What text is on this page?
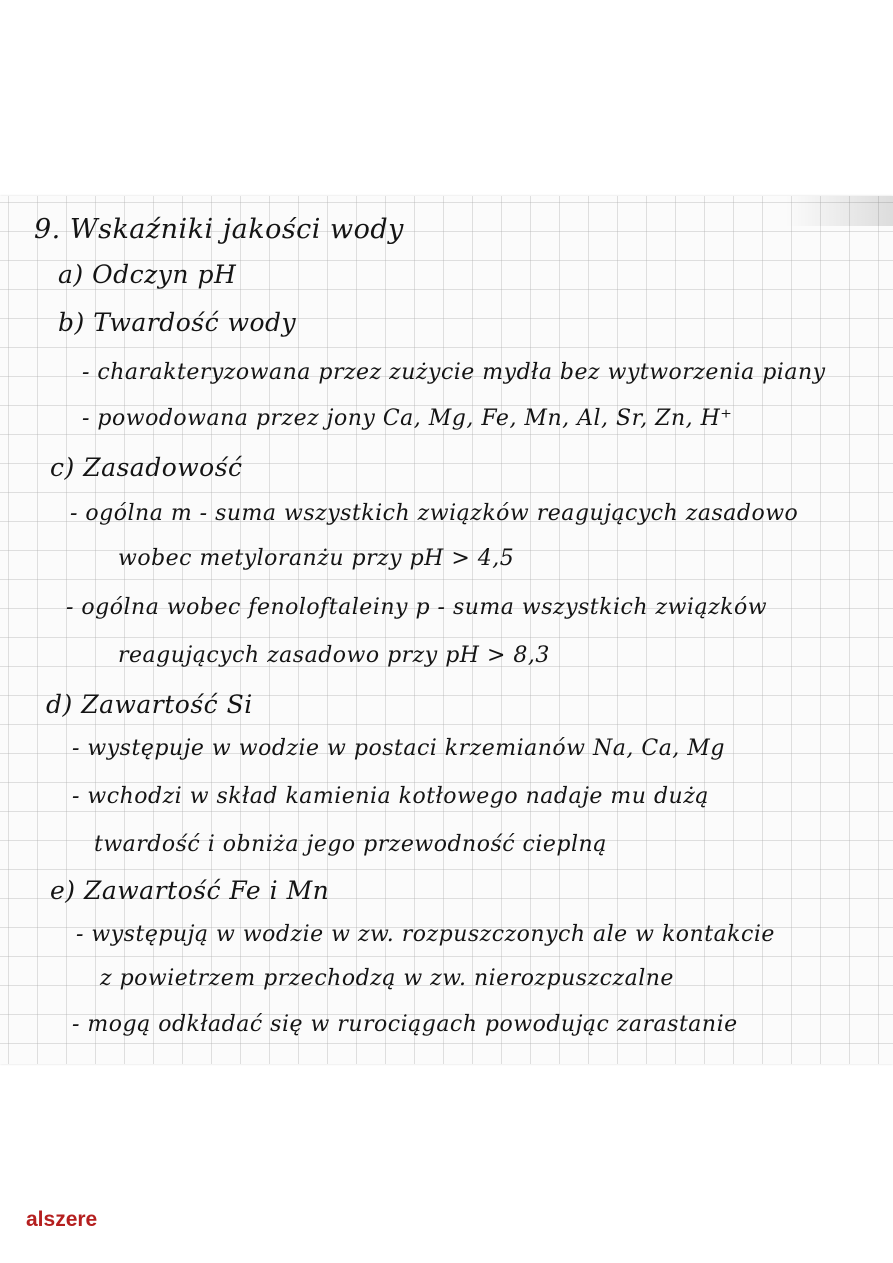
9. Wskaźniki jakości wody
a) Odczyn pH
b) Twardość wody
- charakteryzowana przez zużycie mydła bez wytworzenia piany
- powodowana przez jony Ca, Mg, Fe, Mn, Al, Sr, Zn, H⁺
c) Zasadowość
- ogólna m - suma wszystkich związków reagujących zasadowo
wobec metyloranżu przy pH > 4,5
- ogólna wobec fenoloftaleiny p - suma wszystkich związków
reagujących zasadowo przy pH > 8,3
d) Zawartość Si
- występuje w wodzie w postaci krzemianów Na, Ca, Mg
- wchodzi w skład kamienia kotłowego nadaje mu dużą
twardość i obniża jego przewodność cieplną
e) Zawartość Fe i Mn
- występują w wodzie w zw. rozpuszczonych ale w kontakcie
z powietrzem przechodzą w zw. nierozpuszczalne
- mogą odkładać się w rurociągach powodując zarastanie
alszere
